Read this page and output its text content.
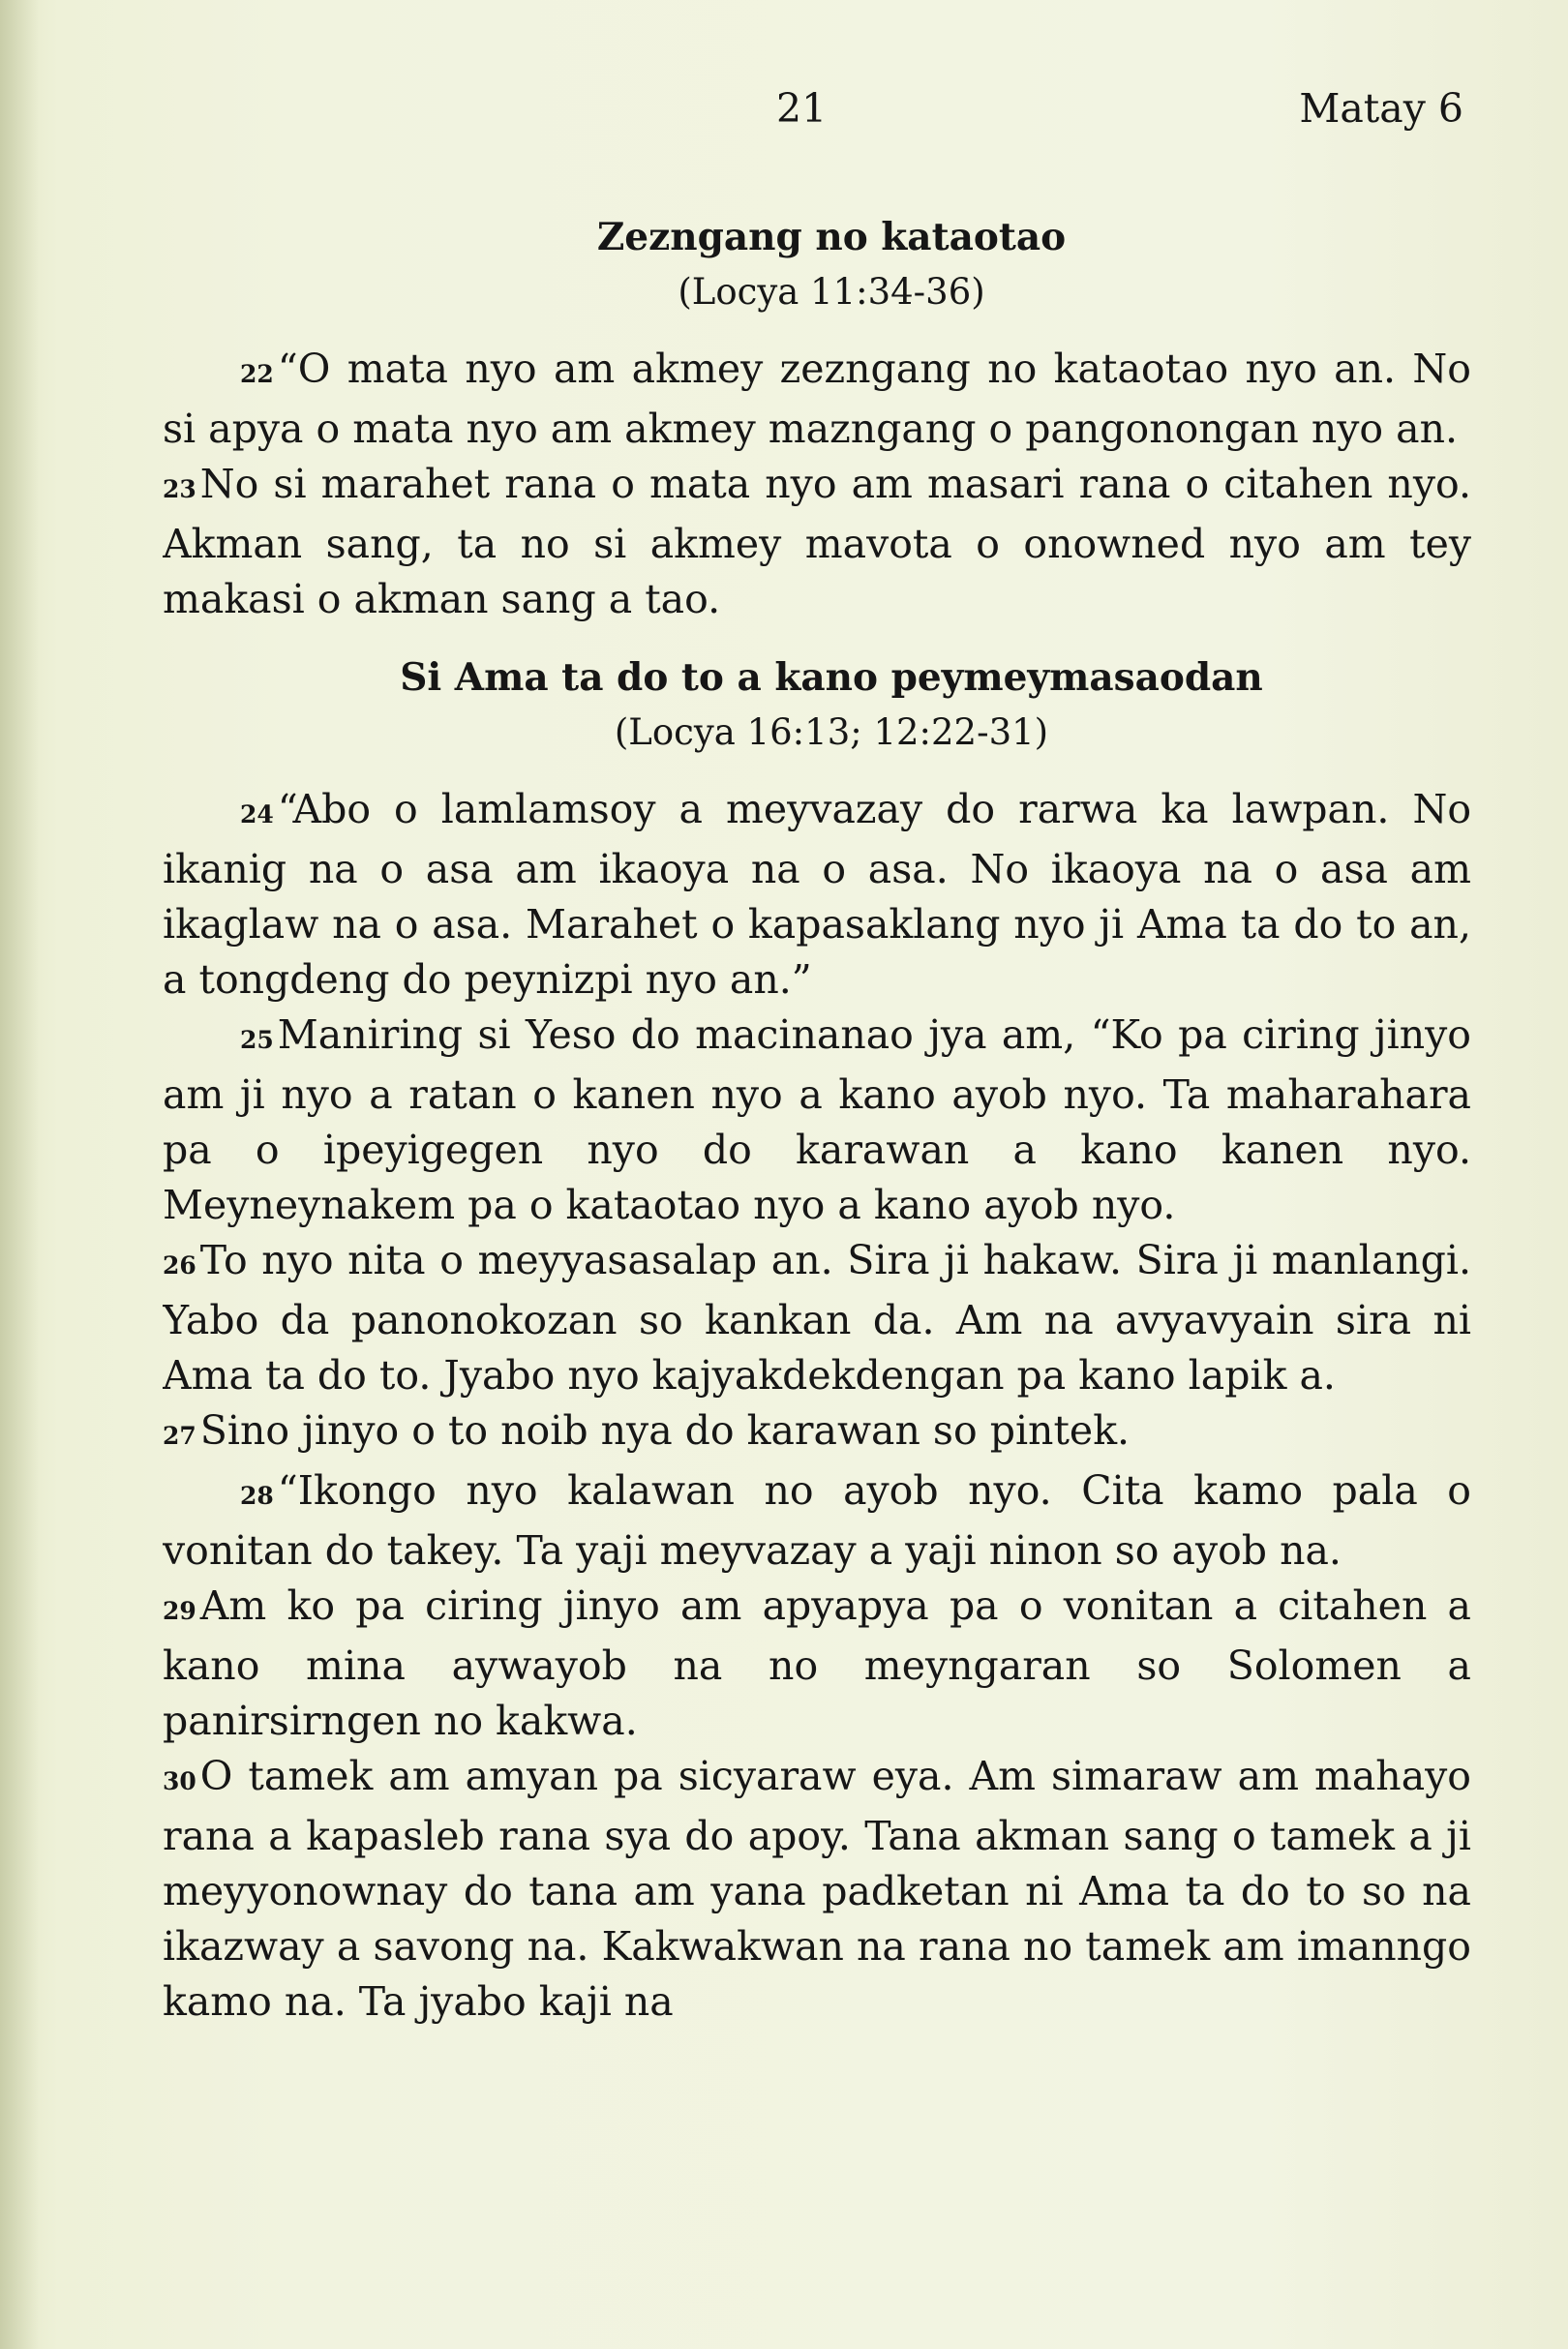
21	Matay 6

Zezngang no kataotao

(Locya 11:34-36)

22“O mata nyo am akmey zezngang no kataotao nyo an. No si apya o mata nyo am akmey mazngang o pangonongan nyo an.

23No si marahet rana o mata nyo am masari rana o citahen nyo. Akman sang, ta no si akmey mavota o onowned nyo am tey makasi o akman sang a tao.

Si Ama ta do to a kano peymeymasaodan

(Locya 16:13; 12:22-31)

24“Abo o lamlamsoy a meyvazay do rarwa ka lawpan. No ikanig na o asa am ikaoya na o asa. No ikaoya na o asa am ikaglaw na o asa. Marahet o kapasaklang nyo ji Ama ta do to an, a tongdeng do peynizpi nyo an.”

25Maniring si Yeso do macinanao jya am, “Ko pa ciring jinyo am ji nyo a ratan o kanen nyo a kano ayob nyo. Ta maharahara pa o ipeyigegen nyo do karawan a kano kanen nyo. Meyneynakem pa o kataotao nyo a kano ayob nyo.

26To nyo nita o meyyasasalap an. Sira ji hakaw. Sira ji manlangi. Yabo da panonokozan so kankan da. Am na avyavyain sira ni Ama ta do to. Jyabo nyo kajyakdekdengan pa kano lapik a.

27Sino jinyo o to noib nya do karawan so pintek.

28“Ikongo nyo kalawan no ayob nyo. Cita kamo pala o vonitan do takey. Ta yaji meyvazay a yaji ninon so ayob na.

29Am ko pa ciring jinyo am apyapya pa o vonitan a citahen a kano mina aywayob na no meyngaran so Solomen a panirsirngen no kakwa.

30O tamek am amyan pa sicyaraw eya. Am simaraw am mahayo rana a kapasleb rana sya do apoy. Tana akman sang o tamek a ji meyyonownay do tana am yana padketan ni Ama ta do to so na ikazway a savong na. Kakwakwan na rana no tamek am imanngo kamo na. Ta jyabo kaji na
